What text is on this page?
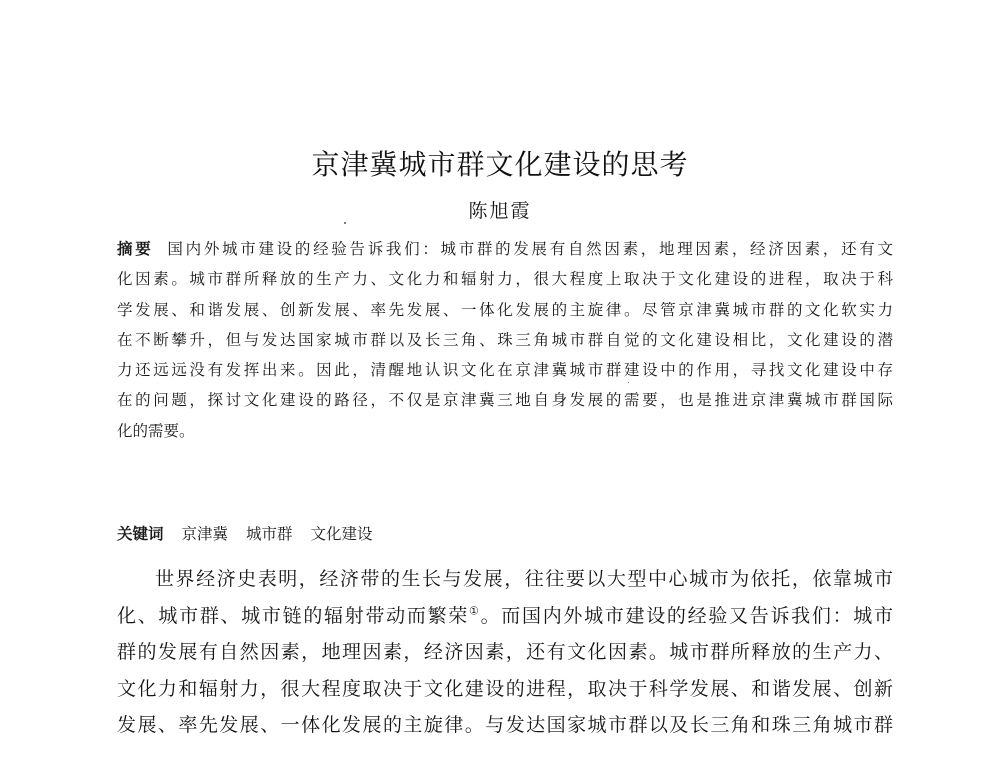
京津冀城市群文化建设的思考
陈旭霞
摘要 国内外城市建设的经验告诉我们：城市群的发展有自然因素，地理因素，经济因素，还有文
化因素。城市群所释放的生产力、文化力和辐射力，很大程度上取决于文化建设的进程，取决于科
学发展、和谐发展、创新发展、率先发展、一体化发展的主旋律。尽管京津冀城市群的文化软实力
在不断攀升，但与发达国家城市群以及长三角、珠三角城市群自觉的文化建设相比，文化建设的潜
力还远远没有发挥出来。因此，清醒地认识文化在京津冀城市群建设中的作用，寻找文化建设中存
在的问题，探讨文化建设的路径，不仅是京津冀三地自身发展的需要，也是推进京津冀城市群国际
化的需要。
关键词 京津冀 城市群 文化建设
世界经济史表明，经济带的生长与发展，往往要以大型中心城市为依托，依靠城市
化、城市群、城市链的辐射带动而繁荣①。而国内外城市建设的经验又告诉我们：城市
群的发展有自然因素，地理因素，经济因素，还有文化因素。城市群所释放的生产力、
文化力和辐射力，很大程度取决于文化建设的进程，取决于科学发展、和谐发展、创新
发展、率先发展、一体化发展的主旋律。与发达国家城市群以及长三角和珠三角城市群
